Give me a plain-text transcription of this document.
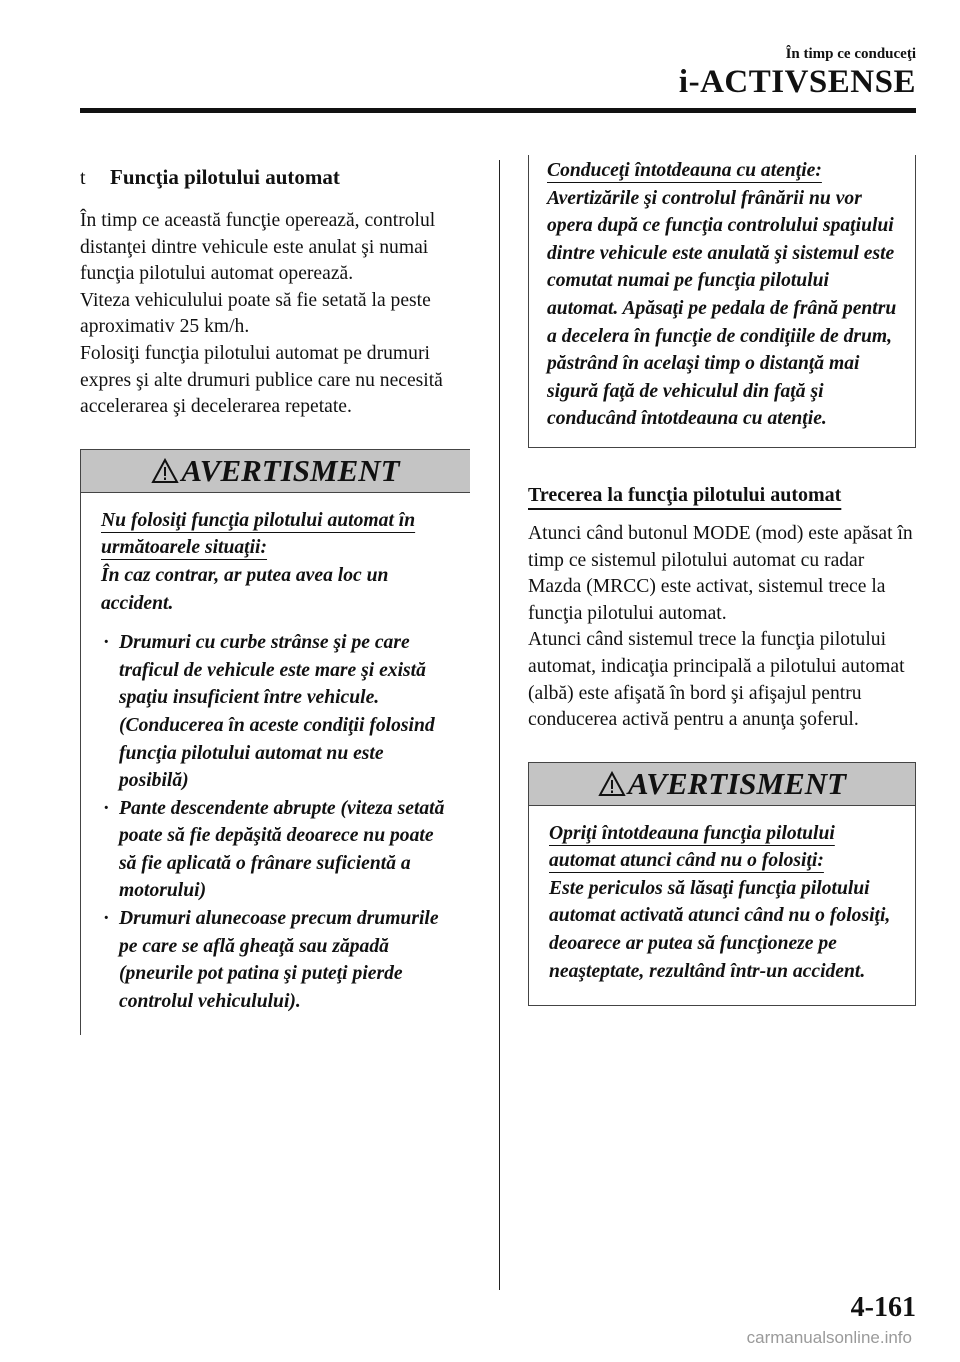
În timp ce conduceţi
i-ACTIVSENSE
t Funcţia pilotului automat

În timp ce această funcţie operează, controlul distanţei dintre vehicule este anulat şi numai funcţia pilotului automat operează.

Viteza vehiculului poate să fie setată la peste aproximativ 25 km/h.

Folosiţi funcţia pilotului automat pe drumuri expres şi alte drumuri publice care nu necesită accelerarea şi decelerarea repetate.

AVERTISMENT

Nu folosiţi funcţia pilotului automat în următoarele situaţii:

În caz contrar, ar putea avea loc un accident.

· Drumuri cu curbe strânse şi pe care traficul de vehicule este mare şi există spaţiu insuficient între vehicule. (Conducerea în aceste condiţii folosind funcţia pilotului automat nu este posibilă)
· Pante descendente abrupte (viteza setată poate să fie depăşită deoarece nu poate să fie aplicată o frânare suficientă a motorului)
· Drumuri alunecoase precum drumurile pe care se află gheaţă sau zăpadă (pneurile pot patina şi puteţi pierde controlul vehiculului).
Conduceţi întotdeauna cu atenţie:
Avertizările şi controlul frânării nu vor opera după ce funcţia controlului spaţiului dintre vehicule este anulată şi sistemul este comutat numai pe funcţia pilotului automat. Apăsaţi pe pedala de frână pentru a decelera în funcţie de condiţiile de drum, păstrând în acelaşi timp o distanţă mai sigură faţă de vehiculul din faţă şi conducând întotdeauna cu atenţie.
Trecerea la funcţia pilotului automat

Atunci când butonul MODE (mod) este apăsat în timp ce sistemul pilotului automat cu radar Mazda (MRCC) este activat, sistemul trece la funcţia pilotului automat.

Atunci când sistemul trece la funcţia pilotului automat, indicaţia principală a pilotului automat (albă) este afişată în bord şi afişajul pentru conducerea activă pentru a anunţa şoferul.

AVERTISMENT

Opriţi întotdeauna funcţia pilotului automat atunci când nu o folosiţi:

Este periculos să lăsaţi funcţia pilotului automat activată atunci când nu o folosiţi, deoarece ar putea să funcţioneze pe neaşteptate, rezultând într-un accident.

4-161
carmanualsonline.info
